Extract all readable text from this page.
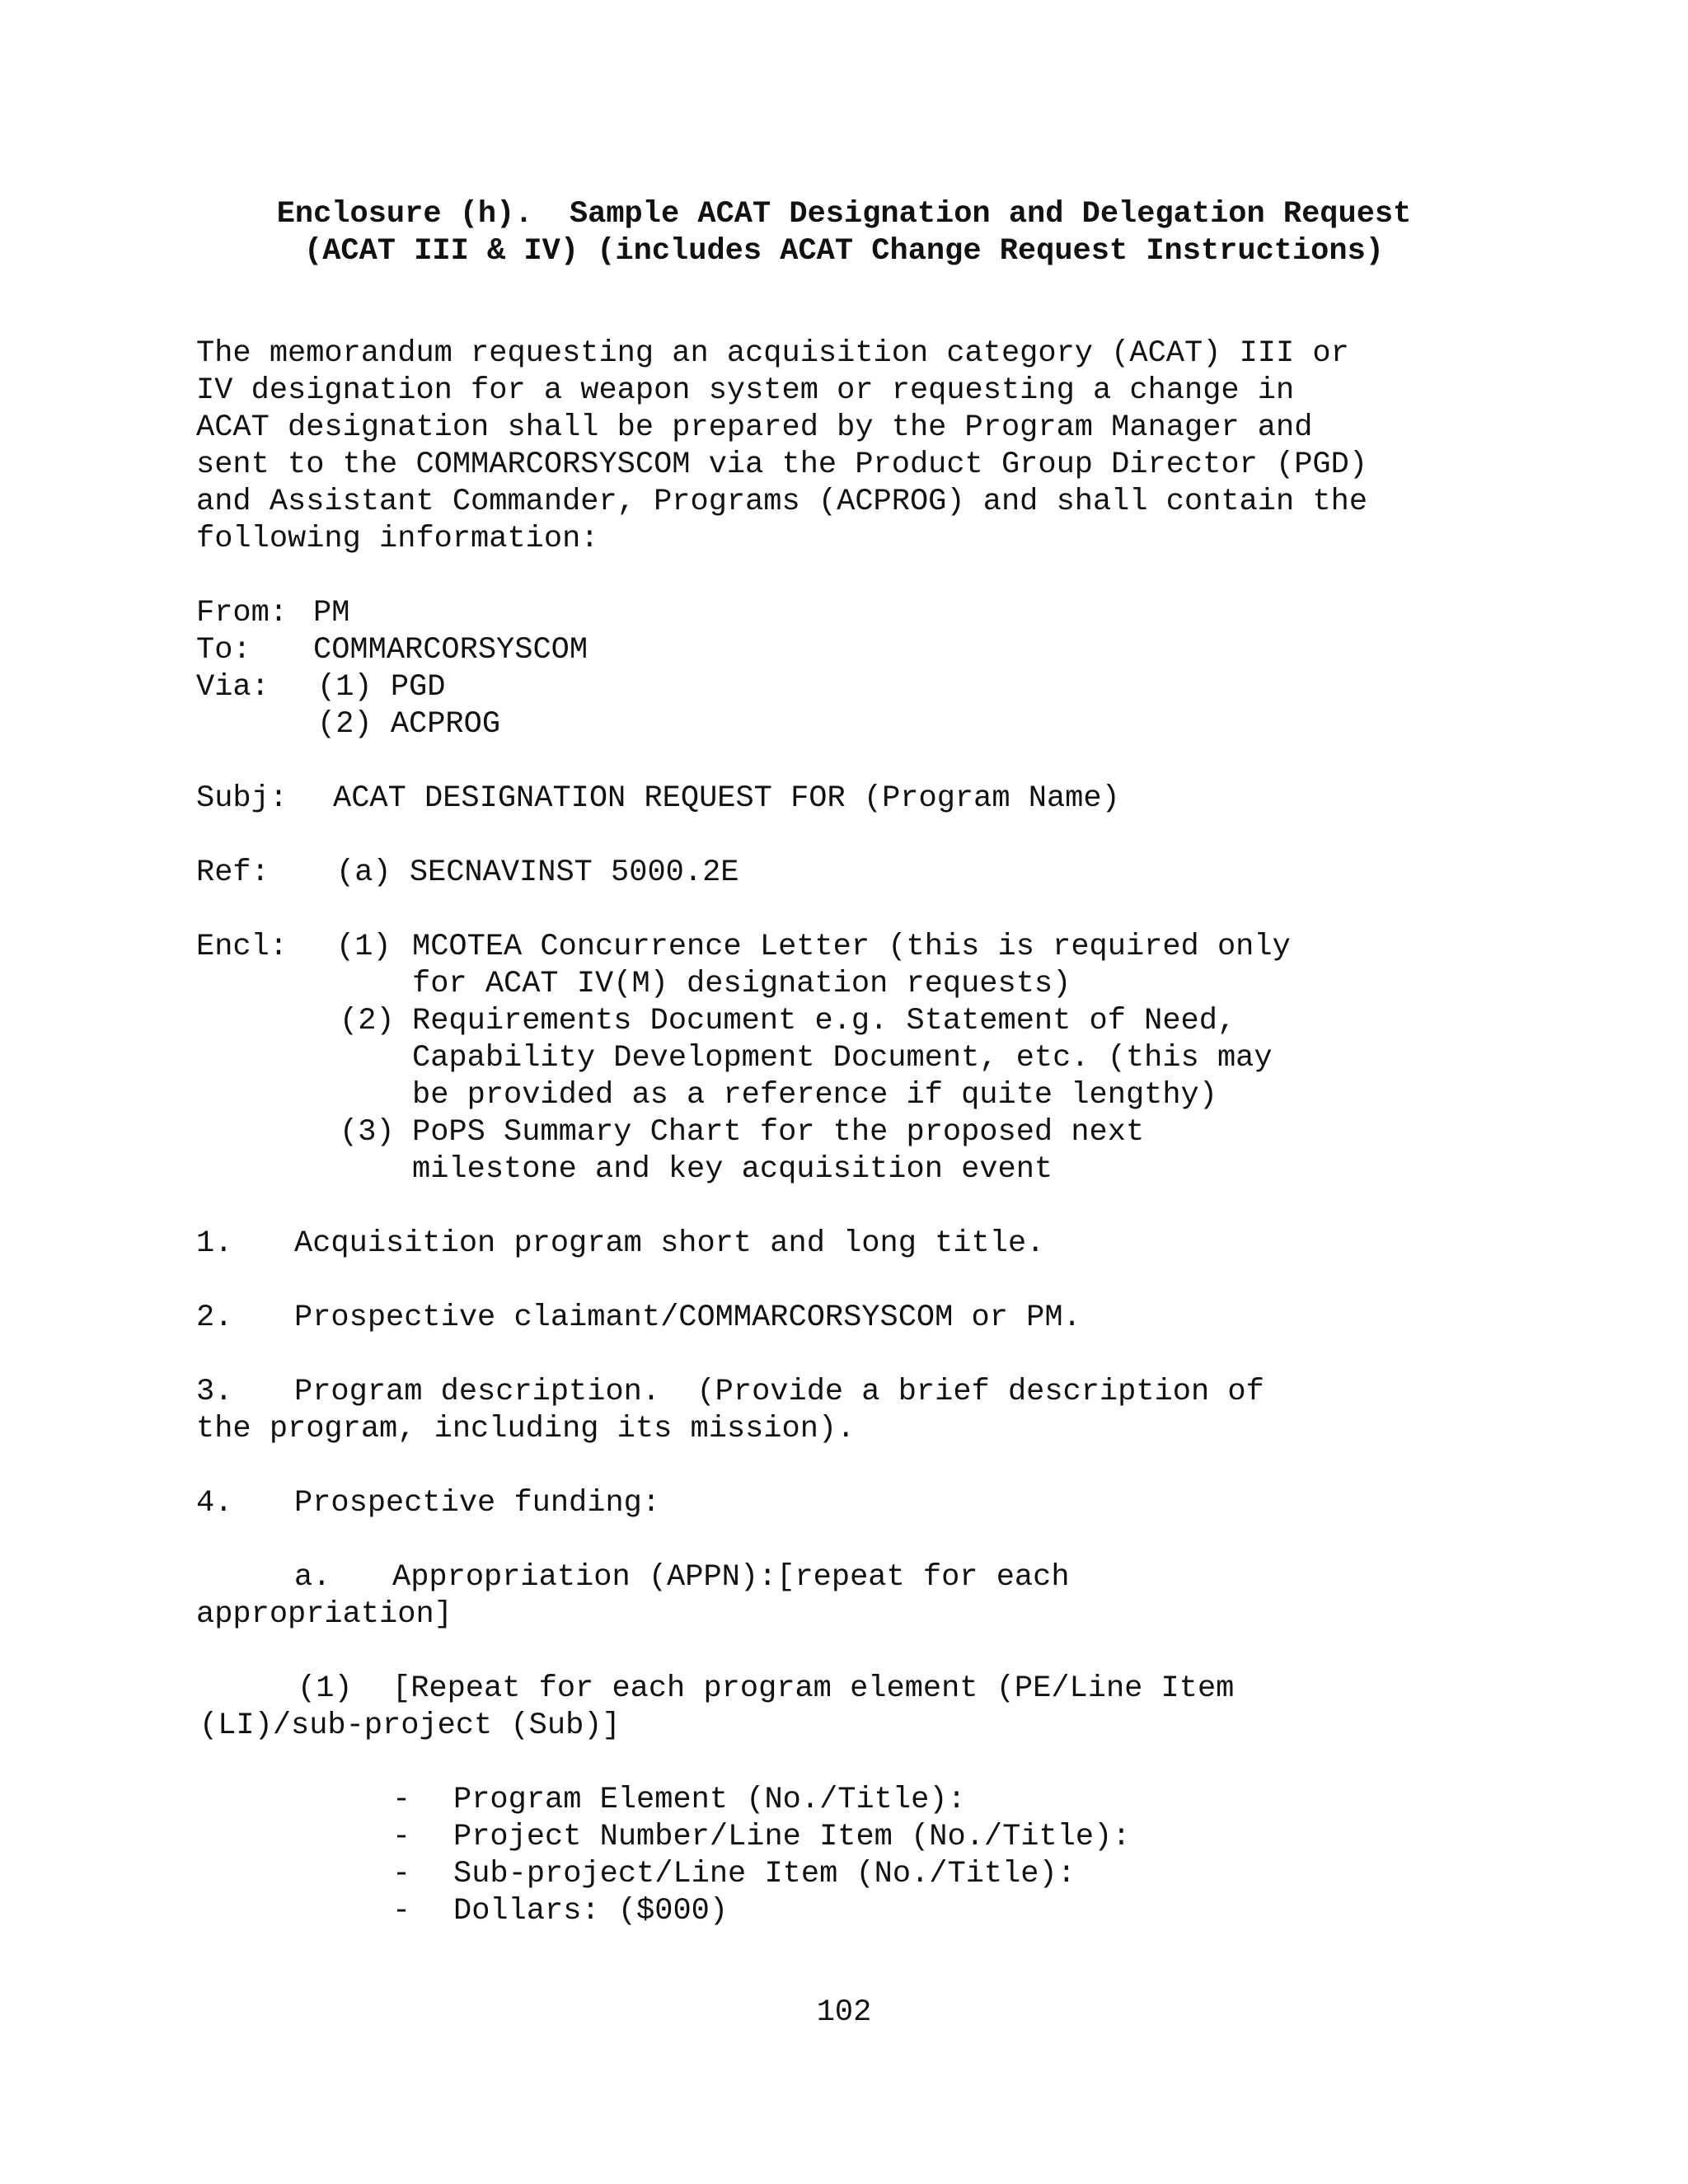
Enclosure (h).  Sample ACAT Designation and Delegation Request
(ACAT III & IV) (includes ACAT Change Request Instructions)
The memorandum requesting an acquisition category (ACAT) III or
IV designation for a weapon system or requesting a change in
ACAT designation shall be prepared by the Program Manager and
sent to the COMMARCORSYSCOM via the Product Group Director (PGD)
and Assistant Commander, Programs (ACPROG) and shall contain the
following information:
From: PM
To: COMMARCORSYSCOM
Via: (1) PGD
(2) ACPROG
Subj: ACAT DESIGNATION REQUEST FOR (Program Name)
Ref: (a) SECNAVINST 5000.2E
Encl: (1) MCOTEA Concurrence Letter (this is required only
for ACAT IV(M) designation requests)
(2) Requirements Document e.g. Statement of Need,
Capability Development Document, etc. (this may
be provided as a reference if quite lengthy)
(3) PoPS Summary Chart for the proposed next
milestone and key acquisition event
1. Acquisition program short and long title.
2. Prospective claimant/COMMARCORSYSCOM or PM.
3. Program description.  (Provide a brief description of
the program, including its mission).
4. Prospective funding:
a. Appropriation (APPN):[repeat for each
appropriation]
(1) [Repeat for each program element (PE/Line Item
(LI)/sub-project (Sub)]
- Program Element (No./Title):
- Project Number/Line Item (No./Title):
- Sub-project/Line Item (No./Title):
- Dollars: ($000)
102
